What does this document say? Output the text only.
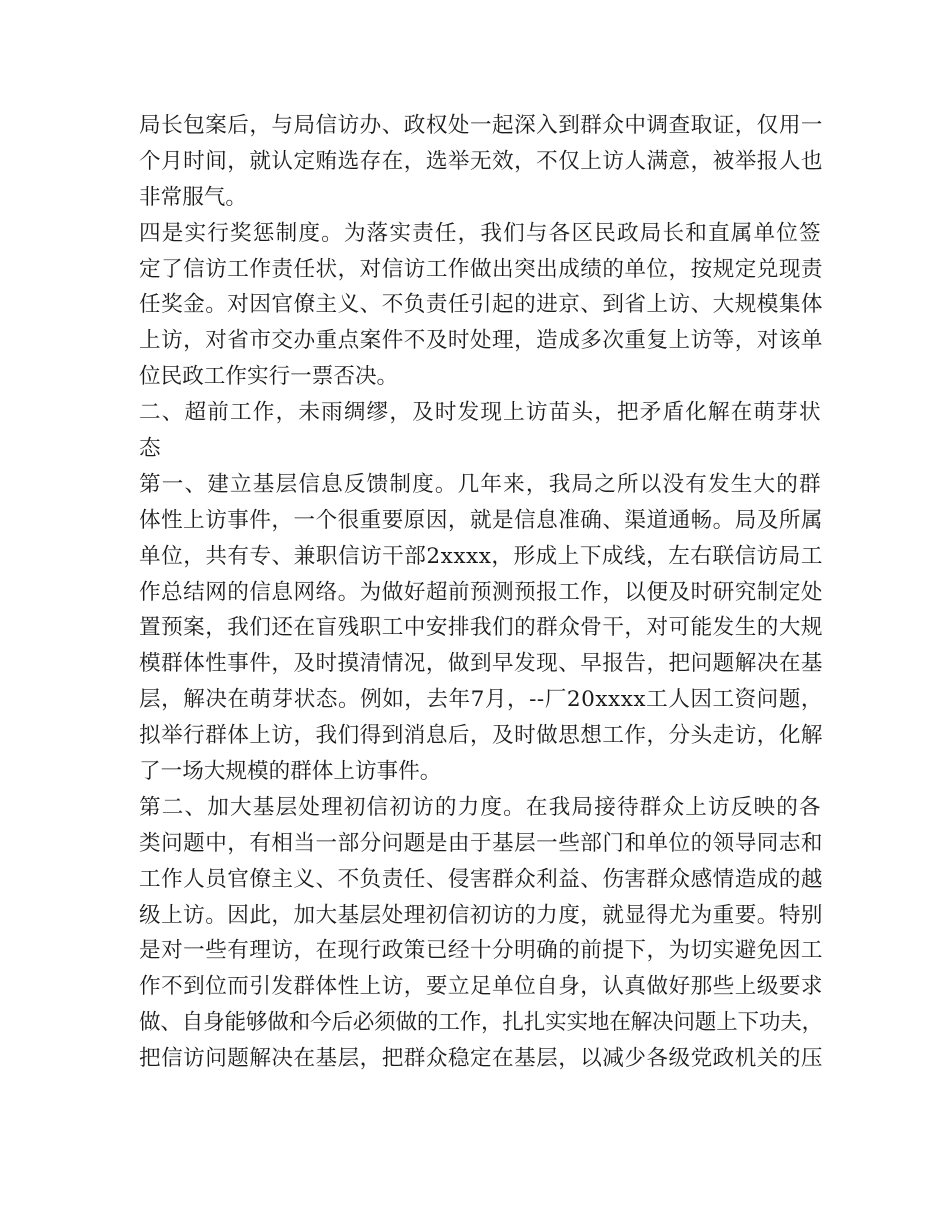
局长包案后，与局信访办、政权处一起深入到群众中调查取证，仅用一
个月时间，就认定贿选存在，选举无效，不仅上访人满意，被举报人也
非常服气。
四是实行奖惩制度。为落实责任，我们与各区民政局长和直属单位签
定了信访工作责任状，对信访工作做出突出成绩的单位，按规定兑现责
任奖金。对因官僚主义、不负责任引起的进京、到省上访、大规模集体
上访，对省市交办重点案件不及时处理，造成多次重复上访等，对该单
位民政工作实行一票否决。
二、超前工作，未雨绸缪，及时发现上访苗头，把矛盾化解在萌芽状
态
第一、建立基层信息反馈制度。几年来，我局之所以没有发生大的群
体性上访事件，一个很重要原因，就是信息准确、渠道通畅。局及所属
单位，共有专、兼职信访干部2xxxx，形成上下成线，左右联信访局工
作总结网的信息网络。为做好超前预测预报工作，以便及时研究制定处
置预案，我们还在盲残职工中安排我们的群众骨干，对可能发生的大规
模群体性事件，及时摸清情况，做到早发现、早报告，把问题解决在基
层，解决在萌芽状态。例如，去年7月，--厂20xxxx工人因工资问题，
拟举行群体上访，我们得到消息后，及时做思想工作，分头走访，化解
了一场大规模的群体上访事件。
第二、加大基层处理初信初访的力度。在我局接待群众上访反映的各
类问题中，有相当一部分问题是由于基层一些部门和单位的领导同志和
工作人员官僚主义、不负责任、侵害群众利益、伤害群众感情造成的越
级上访。因此，加大基层处理初信初访的力度，就显得尤为重要。特别
是对一些有理访，在现行政策已经十分明确的前提下，为切实避免因工
作不到位而引发群体性上访，要立足单位自身，认真做好那些上级要求
做、自身能够做和今后必须做的工作，扎扎实实地在解决问题上下功夫，
把信访问题解决在基层，把群众稳定在基层，以减少各级党政机关的压
